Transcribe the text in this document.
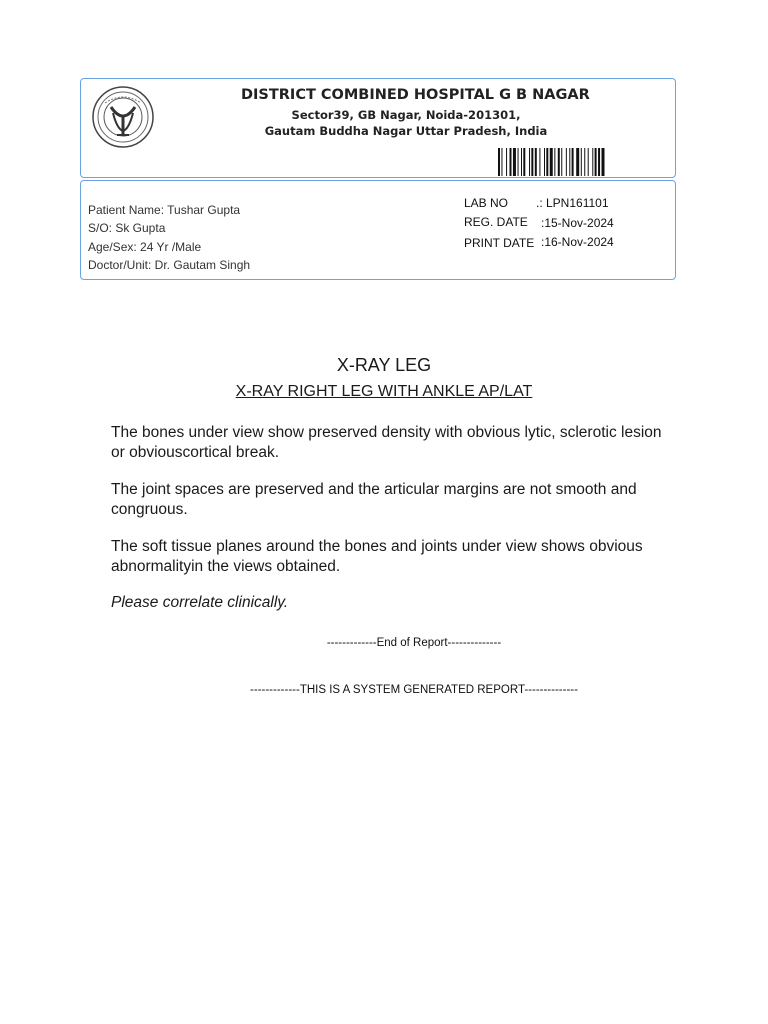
DISTRICT COMBINED HOSPITAL G B NAGAR
Sector39, GB Nagar, Noida-201301,
Gautam Buddha Nagar Uttar Pradesh, India
Patient Name: Tushar Gupta
S/O: Sk Gupta
Age/Sex: 24 Yr /Male
Doctor/Unit: Dr. Gautam Singh
LAB NO .: LPN161101
REG. DATE :15-Nov-2024
PRINT DATE :16-Nov-2024
X-RAY LEG
X-RAY RIGHT LEG WITH ANKLE AP/LAT
The bones under view show preserved density with obvious lytic, sclerotic lesion or obviouscortical break.
The joint spaces are preserved and the articular margins are not smooth and congruous.
The soft tissue planes around the bones and joints under view shows obvious abnormalityin the views obtained.
Please correlate clinically.
-------------End of Report--------------
-------------THIS IS A SYSTEM GENERATED REPORT--------------
